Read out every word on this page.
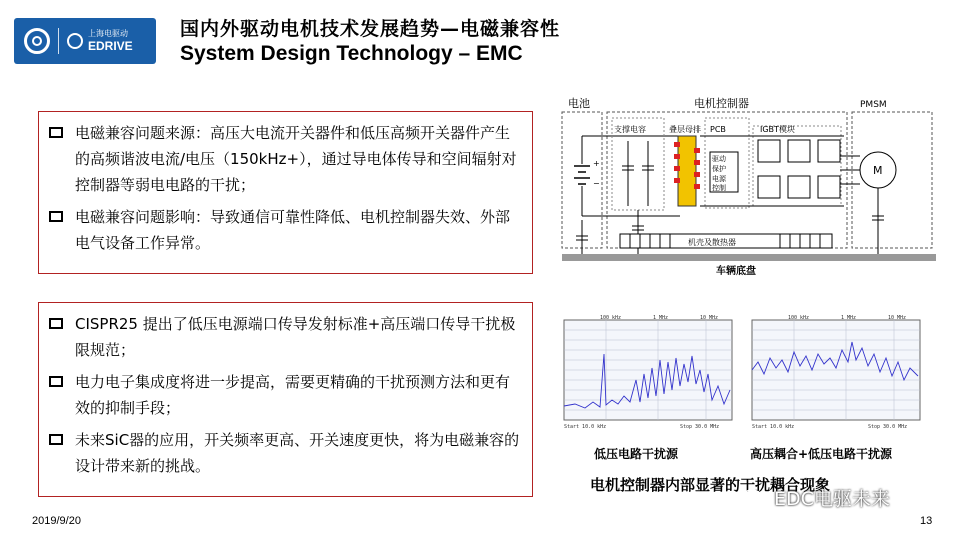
上海电驱动
EDRIVE
国内外驱动电机技术发展趋势—电磁兼容性
System Design Technology – EMC
电磁兼容问题来源：高压大电流开关器件和低压高频开关器件产生的高频谐波电流/电压（150kHz+），通过导电体传导和空间辐射对控制器等弱电电路的干扰；
电磁兼容问题影响：导致通信可靠性降低、电机控制器失效、外部电气设备工作异常。
CISPR25 提出了低压电源端口传导发射标准+高压端口传导干扰极限规范；
电力电子集成度将进一步提高，需要更精确的干扰预测方法和更有效的抑制手段；
未来SiC器的应用，开关频率更高、开关速度更快，将为电磁兼容的设计带来新的挑战。
电池	电机控制器	PMSM
+
−
支撑电容	叠层母排 PCB
驱动
保护
电源
控制
IGBT模块
M
机壳及散热器
车辆底盘
100 kHz	1 MHz	10 MHz
Start 10.0 kHz	Stop 30.0 MHz
100 kHz	1 MHz	10 MHz
Start 10.0 kHz	Stop 30.0 MHz
低压电路干扰源	高压耦合+低压电路干扰源
电机控制器内部显著的干扰耦合现象
EDC电驱未来
2019/9/20	13
